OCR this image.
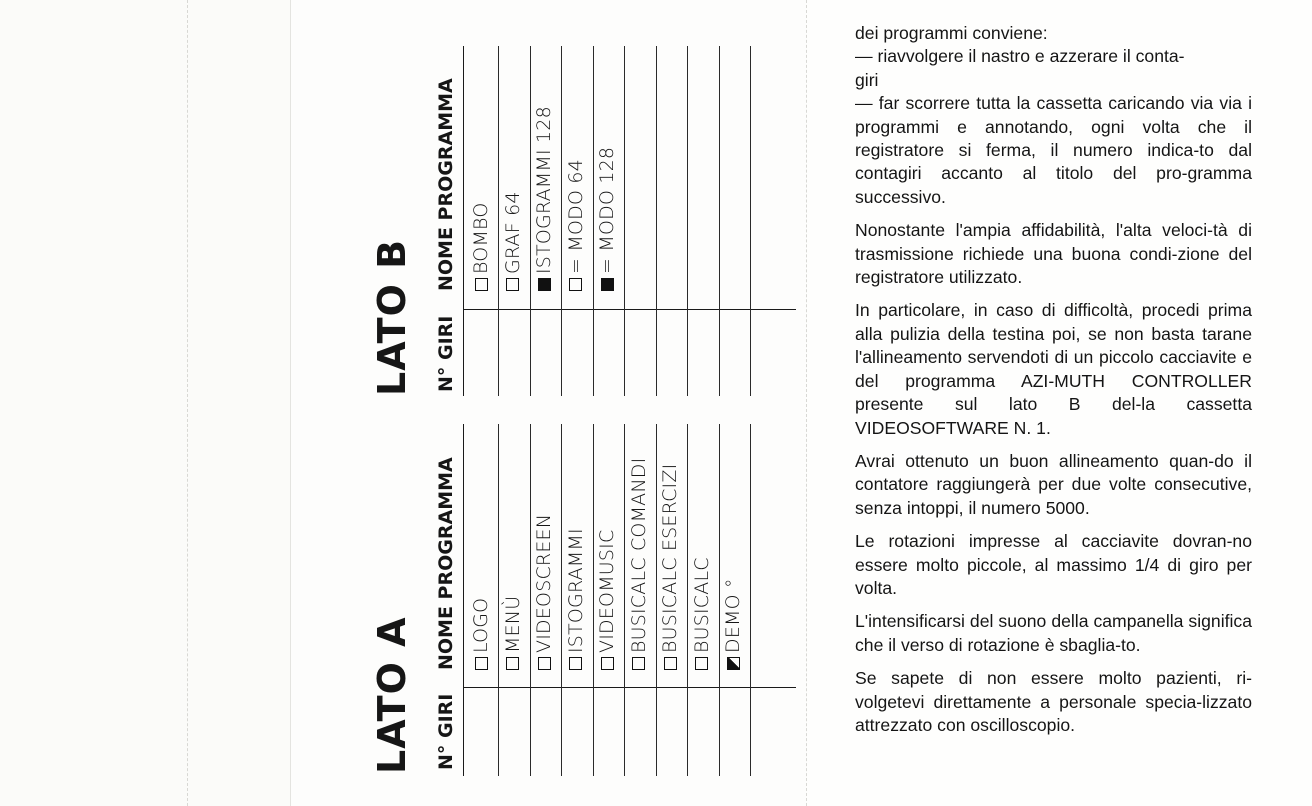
LATO A N° GIRI
NOME PROGRAMMA LOGO MENÙ VIDEOSCREEN ISTOGRAMMI VIDEOMUSIC BUSICALC COMANDI BUSICALC ESERCIZI BUSICALC DEMO °
LATO B N° GIRI
NOME PROGRAMMA BOMBO GRAF 64 ISTOGRAMMI 128 = MODO 64 = MODO 128

dei programmi conviene:
— riavvolgere il nastro e azzerare il conta-
giri

— far scorrere tutta la cassetta caricando via via i programmi e annotando, ogni volta che il registratore si ferma, il numero indica-to dal contagiri accanto al titolo del pro-gramma successivo.

Nonostante l'ampia affidabilità, l'alta veloci-tà di trasmissione richiede una buona condi-zione del registratore utilizzato.

In particolare, in caso di difficoltà, procedi prima alla pulizia della testina poi, se non basta tarane l'allineamento servendoti di un piccolo cacciavite e del programma AZI-MUTH CONTROLLER presente sul lato B del-la cassetta VIDEOSOFTWARE N. 1.

Avrai ottenuto un buon allineamento quan-do il contatore raggiungerà per due volte consecutive, senza intoppi, il numero 5000.

Le rotazioni impresse al cacciavite dovran-no essere molto piccole, al massimo 1/4 di giro per volta.

L'intensificarsi del suono della campanella significa che il verso di rotazione è sbaglia-to.

Se sapete di non essere molto pazienti, ri-volgetevi direttamente a personale specia-lizzato attrezzato con oscilloscopio.
